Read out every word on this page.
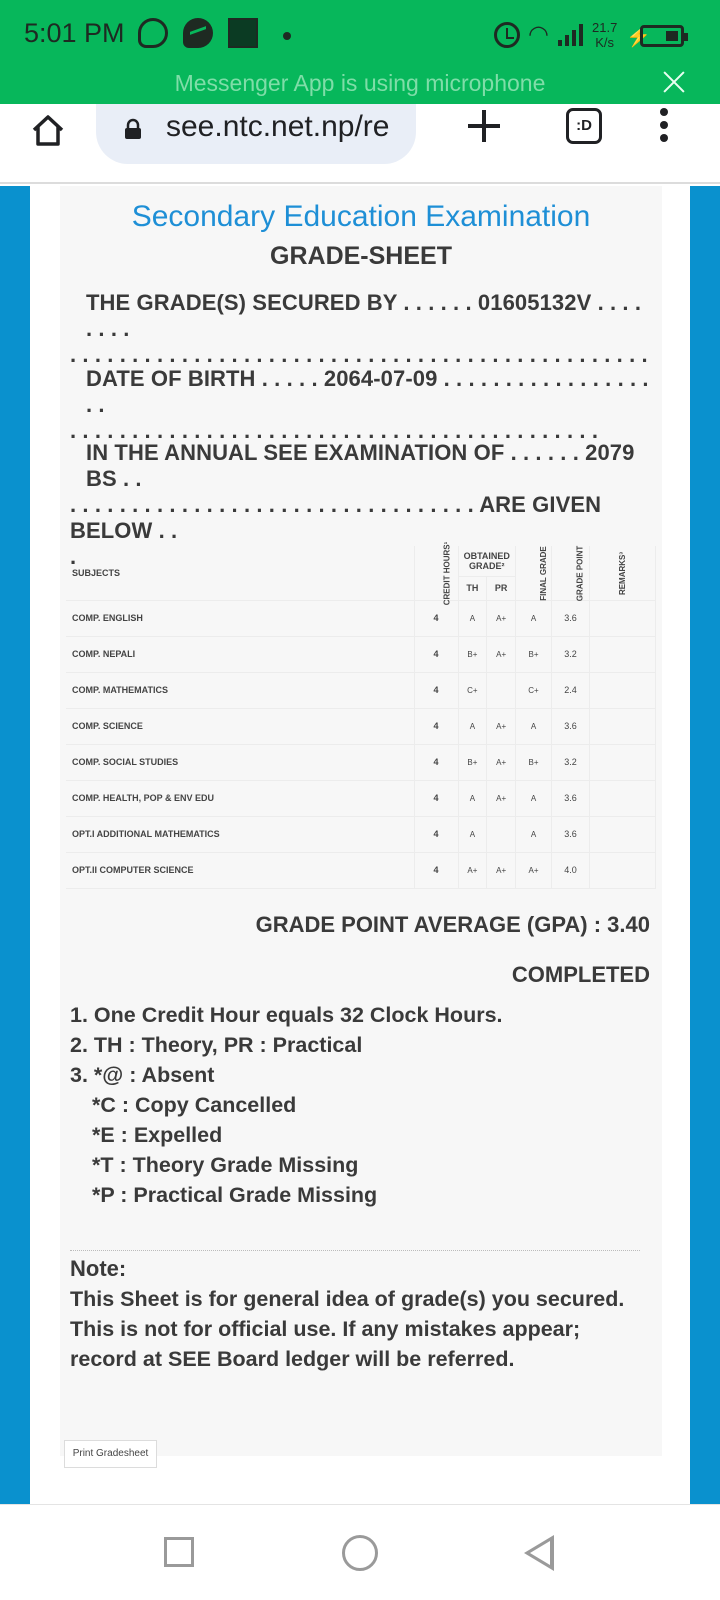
5:01 PM	◠	21.7
K/s ⚡
Messenger App is using microphone
see.ntc.net.np/re	:D
Secondary Education Examination
GRADE-SHEET
THE GRADE(S) SECURED BY . . . . . . 01605132V . . . . . . . .
. . . . . . . . . . . . . . . . . . . . . . . . . . . . . . . . . . . . . . . . . . . . . . .
DATE OF BIRTH . . . . . 2064-07-09 . . . . . . . . . . . . . . . . . . .
. . . . . . . . . . . . . . . . . . . . . . . . . . . . . . . . . . . . . . . . . . .
IN THE ANNUAL SEE EXAMINATION OF . . . . . . 2079 BS . .
. . . . . . . . . . . . . . . . . . . . . . . . . . . . . . . . . ARE GIVEN BELOW . .
.
SUBJECTS	CREDIT HOURS¹	OBTAINED GRADE²		FINAL GRADE	GRADE POINT	REMARKS³
		TH	PR			
COMP. ENGLISH	4	A	A+	A	3.6	
COMP. NEPALI	4	B+	A+	B+	3.2	
COMP. MATHEMATICS	4	C+		C+	2.4	
COMP. SCIENCE	4	A	A+	A	3.6	
COMP. SOCIAL STUDIES	4	B+	A+	B+	3.2	
COMP. HEALTH, POP & ENV EDU	4	A	A+	A	3.6	
OPT.I ADDITIONAL MATHEMATICS	4	A		A	3.6	
OPT.II COMPUTER SCIENCE	4	A+	A+	A+	4.0	
GRADE POINT AVERAGE (GPA) : 3.40
COMPLETED
1. One Credit Hour equals 32 Clock Hours.
2. TH : Theory, PR : Practical
3. *@ : Absent
*C : Copy Cancelled
*E : Expelled
*T : Theory Grade Missing
*P : Practical Grade Missing
Note:
This Sheet is for general idea of grade(s) you secured. This is not for official use. If any mistakes appear; record at SEE Board ledger will be referred.
Print Gradesheet
